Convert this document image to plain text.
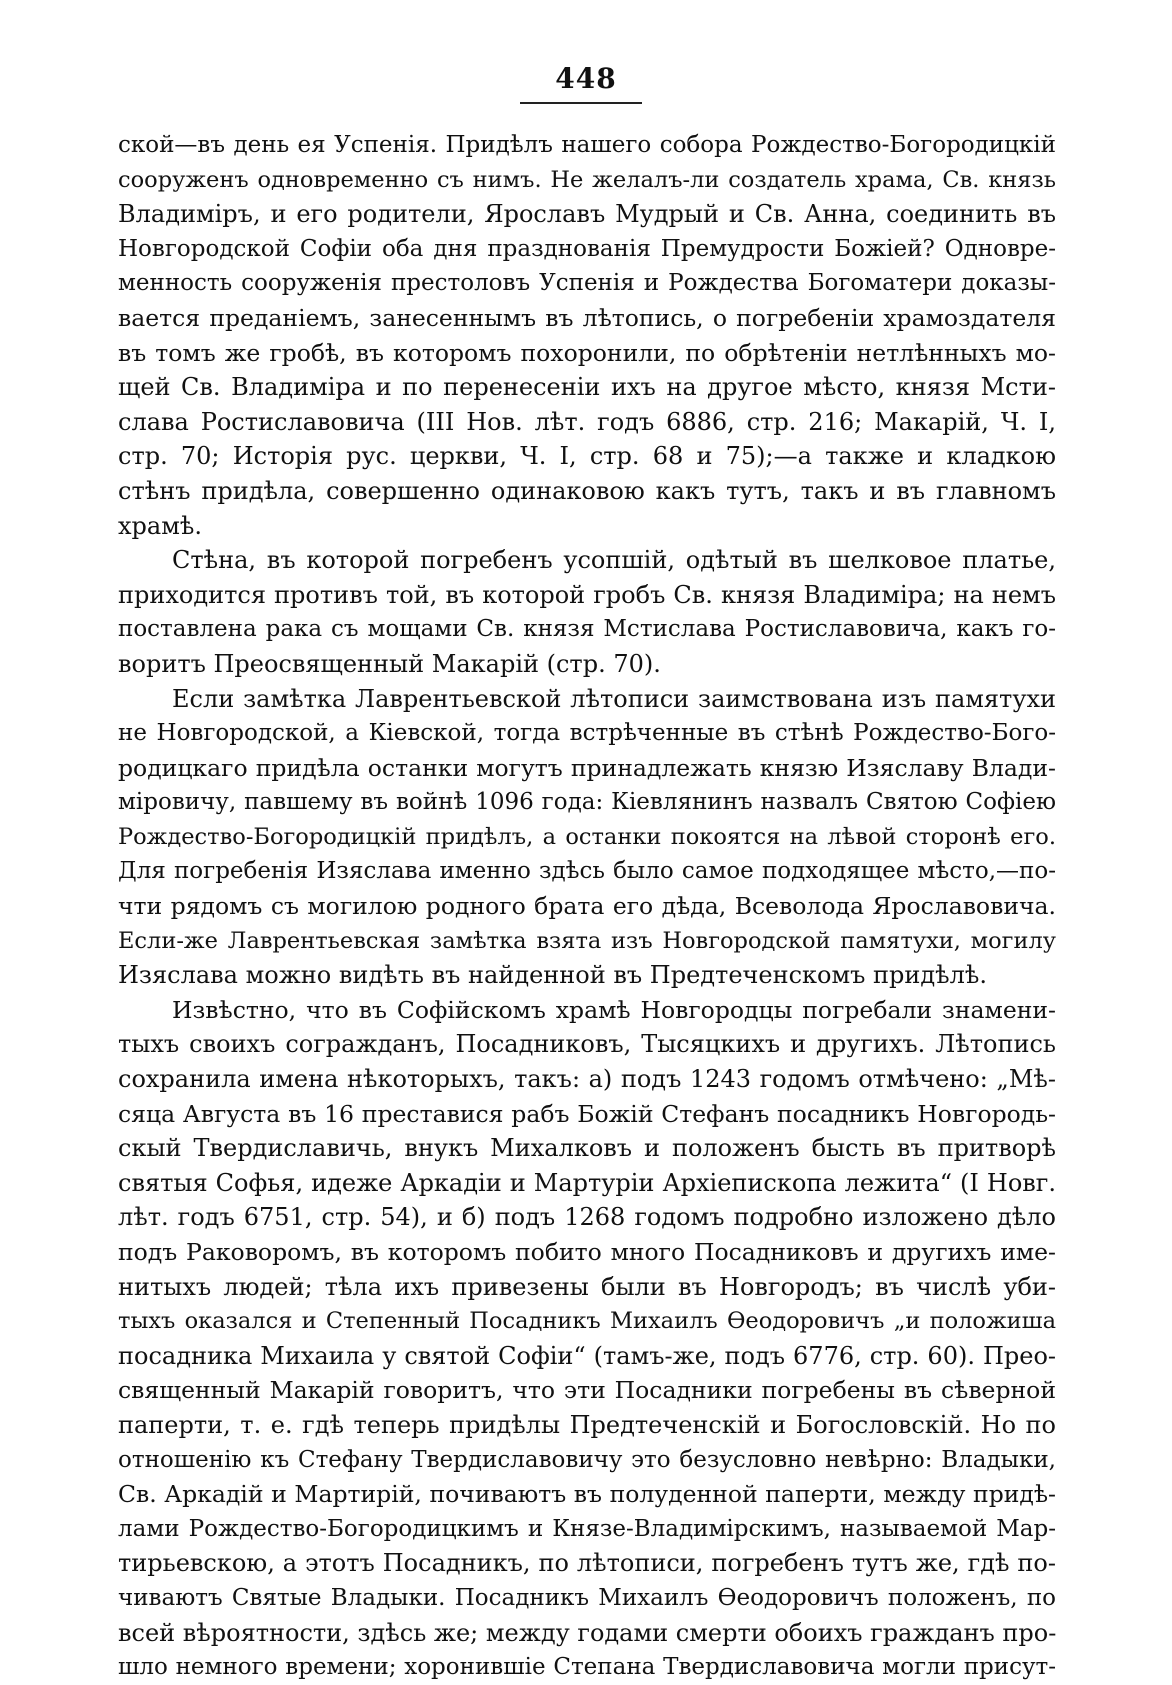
448
ской—въ день ея Успенія. Придѣлъ нашего собора Рождество-Богородицкій
сооруженъ одновременно съ нимъ. Не желалъ-ли создатель храма, Св. князь
Владиміръ, и его родители, Ярославъ Мудрый и Св. Анна, соединить въ
Новгородской Софіи оба дня празднованія Премудрости Божіей? Одновре-
менность сооруженія престоловъ Успенія и Рождества Богоматери доказы-
вается преданіемъ, занесеннымъ въ лѣтопись, о погребеніи храмоздателя
въ томъ же гробѣ, въ которомъ похоронили, по обрѣтеніи нетлѣнныхъ мо-
щей Св. Владиміра и по перенесеніи ихъ на другое мѣсто, князя Мсти-
слава Ростиславовича (III Нов. лѣт. годъ 6886, стр. 216; Макарій, Ч. I,
стр. 70; Исторія рус. церкви, Ч. I, стр. 68 и 75);—а также и кладкою
стѣнъ придѣла, совершенно одинаковою какъ тутъ, такъ и въ главномъ
храмѣ.
Стѣна, въ которой погребенъ усопшій, одѣтый въ шелковое платье,
приходится противъ той, въ которой гробъ Св. князя Владиміра; на немъ
поставлена рака съ мощами Св. князя Мстислава Ростиславовича, какъ го-
воритъ Преосвященный Макарій (стр. 70).
Если замѣтка Лаврентьевской лѣтописи заимствована изъ памятухи
не Новгородской, а Кіевской, тогда встрѣченные въ стѣнѣ Рождество-Бого-
родицкаго придѣла останки могутъ принадлежать князю Изяславу Влади-
міровичу, павшему въ войнѣ 1096 года: Кіевлянинъ назвалъ Святою Софіею
Рождество-Богородицкій придѣлъ, а останки покоятся на лѣвой сторонѣ его.
Для погребенія Изяслава именно здѣсь было самое подходящее мѣсто,—по-
чти рядомъ съ могилою родного брата его дѣда, Всеволода Ярославовича.
Если-же Лаврентьевская замѣтка взята изъ Новгородской памятухи, могилу
Изяслава можно видѣть въ найденной въ Предтеченскомъ придѣлѣ.
Извѣстно, что въ Софійскомъ храмѣ Новгородцы погребали знамени-
тыхъ своихъ согражданъ, Посадниковъ, Тысяцкихъ и другихъ. Лѣтопись
сохранила имена нѣкоторыхъ, такъ: а) подъ 1243 годомъ отмѣчено: „Мѣ-
сяца Августа въ 16 преставися рабъ Божій Стефанъ посадникъ Новгородь-
скый Твердиславичь, внукъ Михалковъ и положенъ бысть въ притворѣ
святыя Софья, идеже Аркадіи и Мартуріи Архіепископа лежита“ (I Новг.
лѣт. годъ 6751, стр. 54), и б) подъ 1268 годомъ подробно изложено дѣло
подъ Раковоромъ, въ которомъ побито много Посадниковъ и другихъ име-
нитыхъ людей; тѣла ихъ привезены были въ Новгородъ; въ числѣ уби-
тыхъ оказался и Степенный Посадникъ Михаилъ Ѳеодоровичъ „и положиша
посадника Михаила у святой Софіи“ (тамъ-же, подъ 6776, стр. 60). Прео-
священный Макарій говоритъ, что эти Посадники погребены въ сѣверной
паперти, т. е. гдѣ теперь придѣлы Предтеченскій и Богословскій. Но по
отношенію къ Стефану Твердиславовичу это безусловно невѣрно: Владыки,
Св. Аркадій и Мартирій, почиваютъ въ полуденной паперти, между придѣ-
лами Рождество-Богородицкимъ и Князе-Владимірскимъ, называемой Мар-
тирьевскою, а этотъ Посадникъ, по лѣтописи, погребенъ тутъ же, гдѣ по-
чиваютъ Святые Владыки. Посадникъ Михаилъ Ѳеодоровичъ положенъ, по
всей вѣроятности, здѣсь же; между годами смерти обоихъ гражданъ про-
шло немного времени; хоронившіе Степана Твердиславовича могли присут-
